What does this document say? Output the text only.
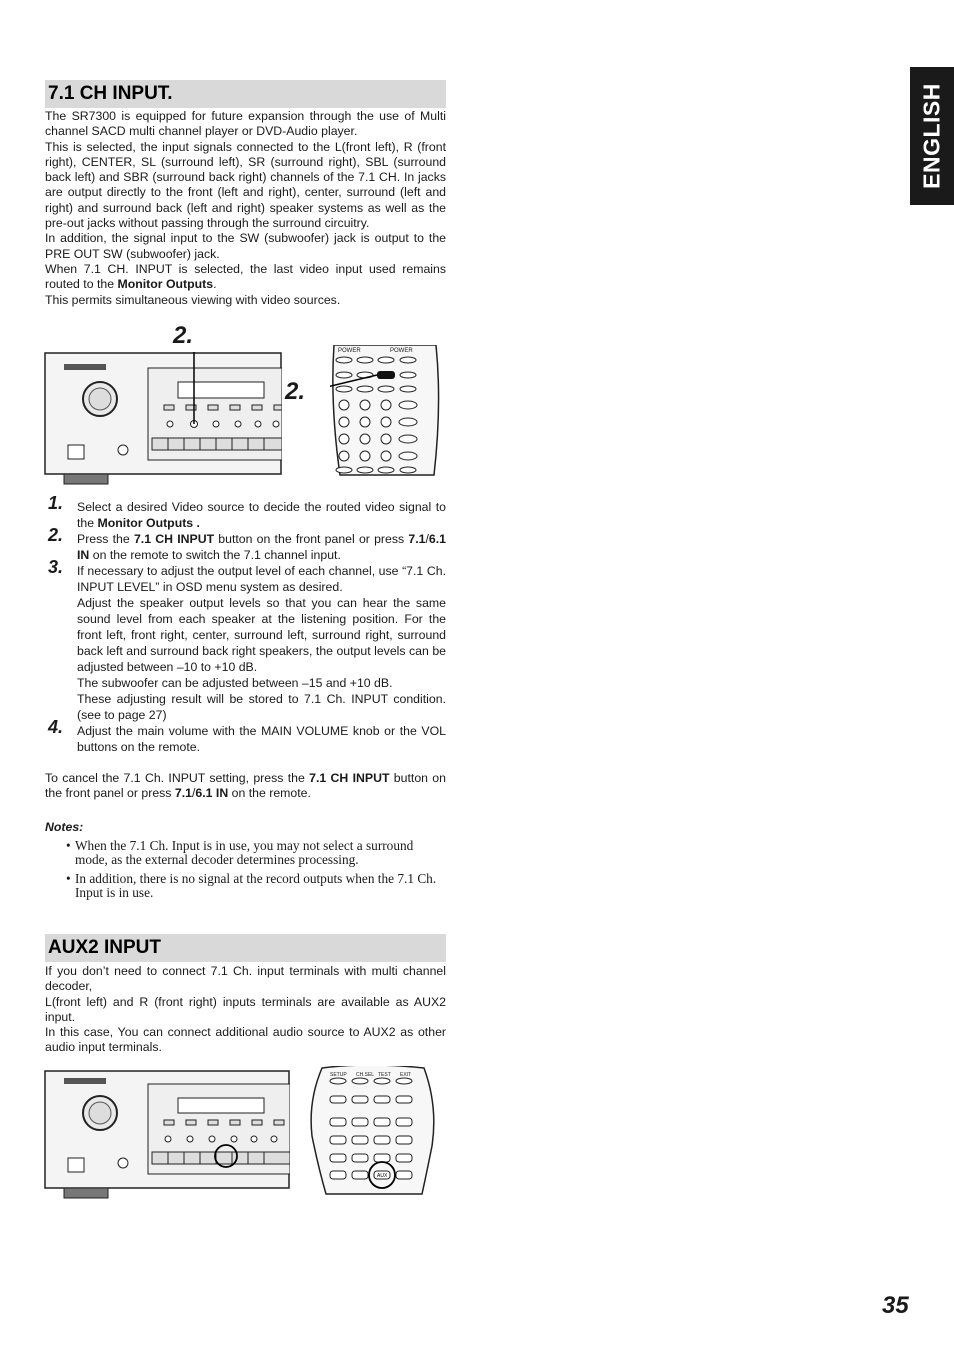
ENGLISH
7.1 CH INPUT.

The SR7300 is equipped for future expansion through the use of Multi channel SACD multi channel player or DVD-Audio player.

This is selected, the input signals connected to the L(front left), R (front right), CENTER, SL (surround left), SR (surround right), SBL (surround back left) and SBR (surround back right) channels of the 7.1 CH. In jacks are output directly to the front (left and right), center, surround (left and right) and surround back (left and right) speaker systems as well as the pre-out jacks without passing through the surround circuitry.

In addition, the signal input to the SW (subwoofer) jack is output to the PRE OUT SW (subwoofer) jack.

When 7.1 CH. INPUT is selected, the last video input used remains routed to the Monitor Outputs.

This permits simultaneous viewing with video sources.

2.
POWER	POWER
2.
1. Select a desired Video source to decide the routed video signal to the Monitor Outputs .
2. Press the 7.1 CH INPUT button on the front panel or press 7.1/6.1 IN on the remote to switch the 7.1 channel input.
3. If necessary to adjust the output level of each channel, use “7.1 Ch. INPUT LEVEL” in OSD menu system as desired.

Adjust the speaker output levels so that you can hear the same sound level from each speaker at the listening position. For the front left, front right, center, surround left, surround right, surround back left and surround back right speakers, the output levels can be adjusted between –10 to +10 dB.

The subwoofer can be adjusted between –15 and +10 dB.

These adjusting result will be stored to 7.1 Ch. INPUT condition. (see to page 27)

4. Adjust the main volume with the MAIN VOLUME knob or the VOL buttons on the remote.

To cancel the 7.1 Ch. INPUT setting, press the 7.1 CH INPUT button on the front panel or press 7.1/6.1 IN on the remote.

Notes:
• When the 7.1 Ch. Input is in use, you may not select a surround mode, as the external decoder determines processing.
• In addition, there is no signal at the record outputs when the 7.1 Ch. Input is in use.
AUX2 INPUT

If you don’t need to connect 7.1 Ch. input terminals with multi channel decoder,

L(front left) and R (front right) inputs terminals are available as AUX2 input.

In this case, You can connect additional audio source to AUX2 as other audio input terminals.

SETUP CH.SEL TEST EXIT
AUX
35
